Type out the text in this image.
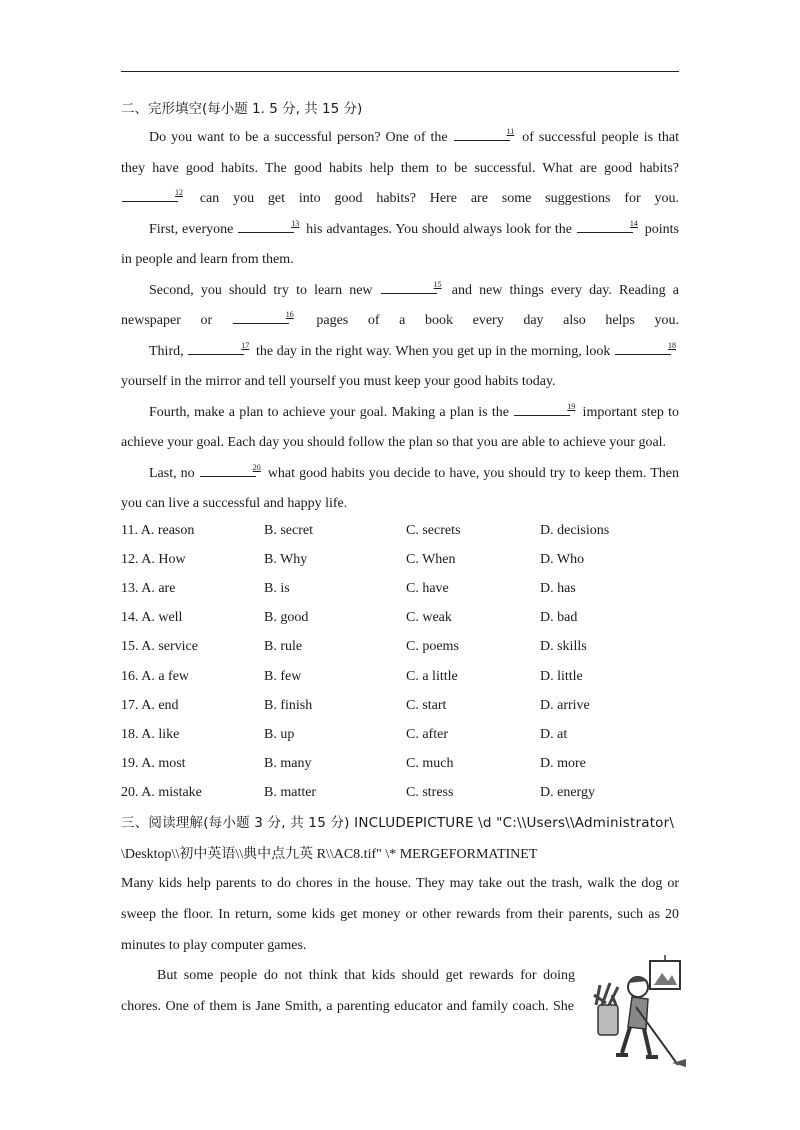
二、完形填空(每小题 1. 5 分, 共 15 分)
Do you want to be a successful person? One of the	$^{11}$ of successful people is that
they have good habits. The good habits help them to be successful. What are good habits?
$^{12}$ can you get into good habits? Here are some suggestions for you.
First, everyone	$^{13}$ his advantages. You should always look for the	$^{14}$ points
in people and learn from them.
Second, you should try to learn new	$^{15}$ and new things every day. Reading a
newspaper or	$^{16}$ pages of a book every day also helps you.
Third,	$^{17}$ the day in the right way. When you get up in the morning, look	$^{18}$
yourself in the mirror and tell yourself you must keep your good habits today.
Fourth, make a plan to achieve your goal. Making a plan is the	$^{19}$ important step to
achieve your goal. Each day you should follow the plan so that you are able to achieve your goal.
Last, no	$^{20}$ what good habits you decide to have, you should try to keep them. Then
you can live a successful and happy life.
11. A. reason	B. secret	C. secrets	D. decisions
12. A. How	B. Why	C. When	D. Who
13. A. are	B. is	C. have	D. has
14. A. well	B. good	C. weak	D. bad
15. A. service	B. rule	C. poems	D. skills
16. A. a few	B. few	C. a little	D. little
17. A. end	B. finish	C. start	D. arrive
18. A. like	B. up	C. after	D. at
19. A. most	B. many	C. much	D. more
20. A. mistake	B. matter	C. stress	D. energy
三、阅读理解(每小题 3 分, 共 15 分) INCLUDEPICTURE \d "C:\\Users\\Administrator\
\Desktop\\初中英语\\典中点九英 R\\AC8.tif" \* MERGEFORMATINET
Many kids help parents to do chores in the house. They may take out the trash, walk the dog or
sweep the floor. In return, some kids get money or other rewards from their parents, such as 20
minutes to play computer games.
But some people do not think that kids should get rewards for doing
chores. One of them is Jane Smith, a parenting educator and family coach. She
